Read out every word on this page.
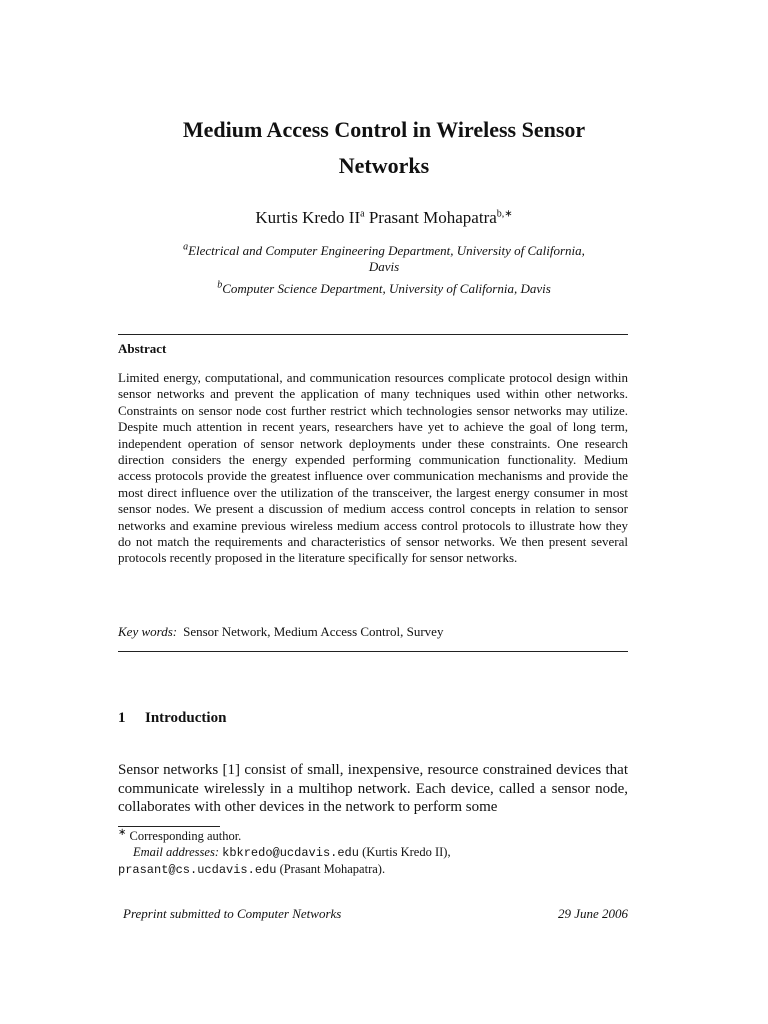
Medium Access Control in Wireless Sensor
Networks
Kurtis Kredo $II^a$ Prasant Mohapatra$^{b,∗}$
$^a$Electrical and Computer Engineering Department, University of California,
Davis
$^b$Computer Science Department, University of California, Davis
Abstract
Limited energy, computational, and communication resources complicate protocol design within sensor networks and prevent the application of many techniques used within other networks. Constraints on sensor node cost further restrict which technologies sensor networks may utilize. Despite much attention in recent years, researchers have yet to achieve the goal of long term, independent operation of sensor network deployments under these constraints. One research direction considers the energy expended performing communication functionality. Medium access protocols provide the greatest influence over communication mechanisms and provide the most direct influence over the utilization of the transceiver, the largest energy consumer in most sensor nodes. We present a discussion of medium access control concepts in relation to sensor networks and examine previous wireless medium access control protocols to illustrate how they do not match the requirements and characteristics of sensor networks. We then present several protocols recently proposed in the literature specifically for sensor networks.
Key words: Sensor Network, Medium Access Control, Survey
1 Introduction
Sensor networks [1] consist of small, inexpensive, resource constrained devices that communicate wirelessly in a multihop network. Each device, called a sensor node, collaborates with other devices in the network to perform some
∗ Corresponding author.
Email addresses: kbkredo@ucdavis.edu (Kurtis Kredo II),
prasant@cs.ucdavis.edu (Prasant Mohapatra).
Preprint submitted to Computer Networks	29 June 2006
